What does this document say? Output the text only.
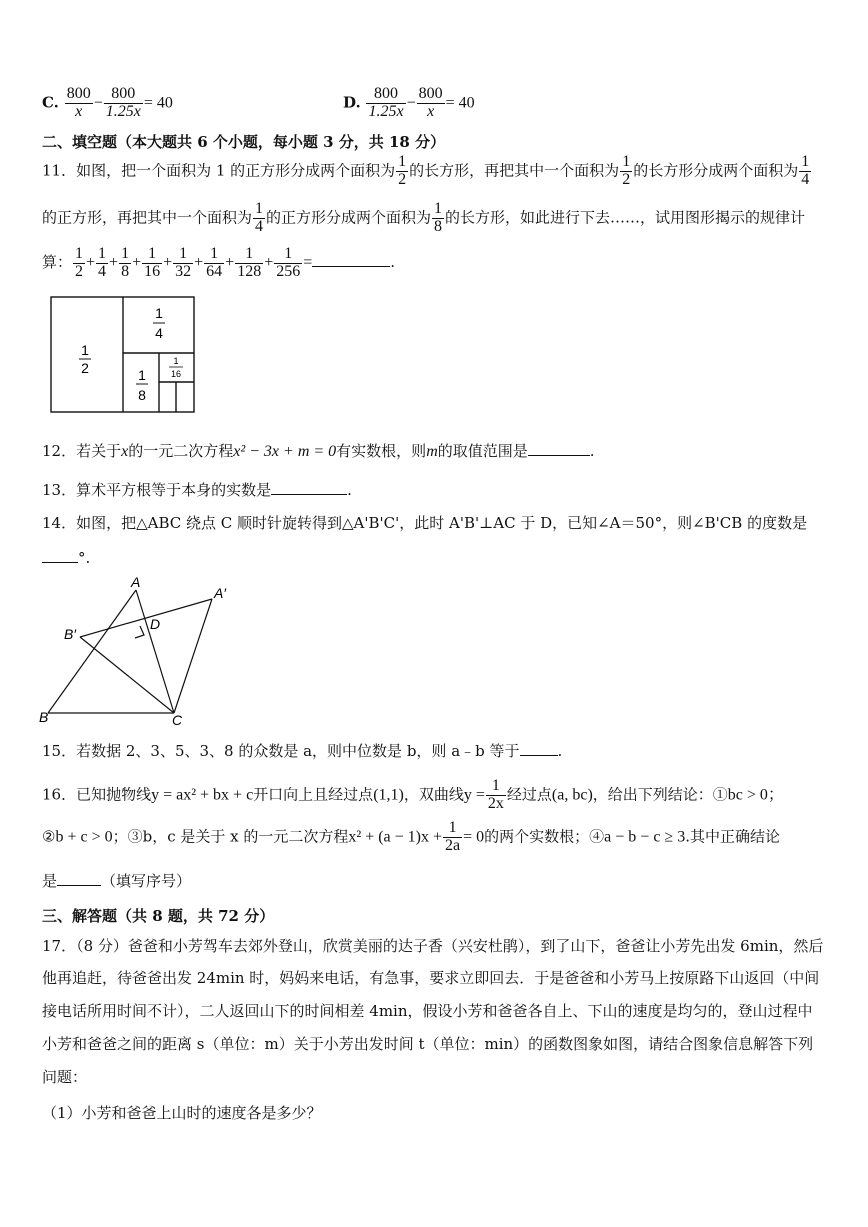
C. $\frac{800}{x} - \frac{800}{1.25x} = 40$	D. $\frac{800}{1.25x} - \frac{800}{x} = 40$
二、填空题（本大题共 6 个小题，每小题 3 分，共 18 分）
11．如图，把一个面积为 1 的正方形分成两个面积为 $\frac{1}{2}$ 的长方形，再把其中一个面积为 $\frac{1}{2}$ 的长方形分成两个面积为 $\frac{1}{4}$
的正方形，再把其中一个面积为 $\frac{1}{4}$ 的正方形分成两个面积为 $\frac{1}{8}$ 的长方形，如此进行下去……，试用图形揭示的规律计
算： $\frac{1}{2} + \frac{1}{4} + \frac{1}{8} + \frac{1}{16} + \frac{1}{32} + \frac{1}{64} + \frac{1}{128} + \frac{1}{256}$ =	.
1
2
1
4
1
8
1
16
12．若关于x的一元二次方程x² − 3x + m = 0有实数根，则m的取值范围是	.
13．算术平方根等于本身的实数是	.
14．如图，把△ABC 绕点 C 顺时针旋转得到△A'B'C'，此时 A'B'⊥AC 于 D，已知∠A＝50°，则∠B'CB 的度数是
°.
A
A′
B′
D
B	C
15．若数据 2、3、5、3、8 的众数是 a，则中位数是 b，则 a﹣b 等于	.
16．已知抛物线y = ax² + bx + c开口向上且经过点(1,1)，双曲线$y = \frac{1}{2x}$ 经过点(a, bc)，给出下列结论：①bc > 0；
②b + c > 0；③b，c 是关于 x 的一元二次方程$x^2 + (a - 1)x + \frac{1}{2a} = 0$的两个实数根；④a − b − c ≥ 3.其中正确结论
是	（填写序号）
三、解答题（共 8 题，共 72 分）
17．（8 分）爸爸和小芳驾车去郊外登山，欣赏美丽的达子香（兴安杜鹃），到了山下，爸爸让小芳先出发 6min，然后
他再追赶，待爸爸出发 24min 时，妈妈来电话，有急事，要求立即回去．于是爸爸和小芳马上按原路下山返回（中间
接电话所用时间不计），二人返回山下的时间相差 4min，假设小芳和爸爸各自上、下山的速度是均匀的，登山过程中
小芳和爸爸之间的距离 s（单位：m）关于小芳出发时间 t（单位：min）的函数图象如图，请结合图象信息解答下列
问题：
（1）小芳和爸爸上山时的速度各是多少？
